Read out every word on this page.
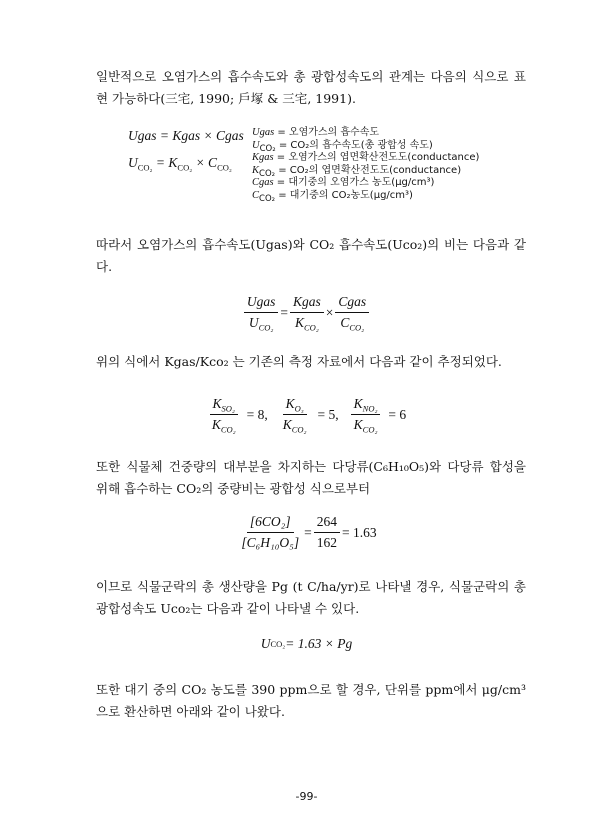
일반적으로 오염가스의 흡수속도와 총 광합성속도의 관계는 다음의 식으로 표현 가능하다(三宅, 1990; 戶塚 & 三宅, 1991).
Ugas = Kgas × Cgas
$U_{CO_2} = K_{CO_2} \times C_{CO_2}$
Ugas = 오염가스의 흡수속도
$U_{CO_2} = CO_2$의 흡수속도(총 광합성 속도)
Kgas = 오염가스의 엽면확산전도도(conductance)
$K_{CO_2} = CO_2$의 엽면확산전도도(conductance)
Cgas = 대기중의 오염가스 농도(μg/cm³)
$C_{CO_2}$ = 대기중의 CO₂농도(μg/cm³)
따라서 오염가스의 흡수속도(Ugas)와 CO₂ 흡수속도(Uco₂)의 비는 다음과 같다.
$\frac{\text{Ugas}}{U_{CO_2}} = \frac{\text{Kgas}}{K_{CO_2}} \times \frac{\text{Cgas}}{C_{CO_2}}$
위의 식에서 Kgas/Kco₂ 는 기존의 측정 자료에서 다음과 같이 추정되었다.
$\frac{K_{SO_2}}{K_{CO_2}} = 8$, $\frac{K_{O_3}}{K_{CO_2}} = 5$, $\frac{K_{NO_2}}{K_{CO_2}} = 6$
또한 식물체 건중량의 대부분을 차지하는 다당류(C₆H₁₀O₅)와 다당류 합성을 위해 흡수하는 CO₂의 중량비는 광합성 식으로부터
$\frac{\text{[6CO₂]}}{\text{[C₆H₁₀O₅]}} = \frac{264}{162} = 1.63$
이므로 식물군락의 총 생산량을 Pg (t C/ha/yr)로 나타낼 경우, 식물군락의 총 광합성속도 Uco₂는 다음과 같이 나타낼 수 있다.
U CO₂ = 1.63 × Pg
또한 대기 중의 CO₂ 농도를 390 ppm으로 할 경우, 단위를 ppm에서 μg/cm³으로 환산하면 아래와 같이 나왔다.
-99-
